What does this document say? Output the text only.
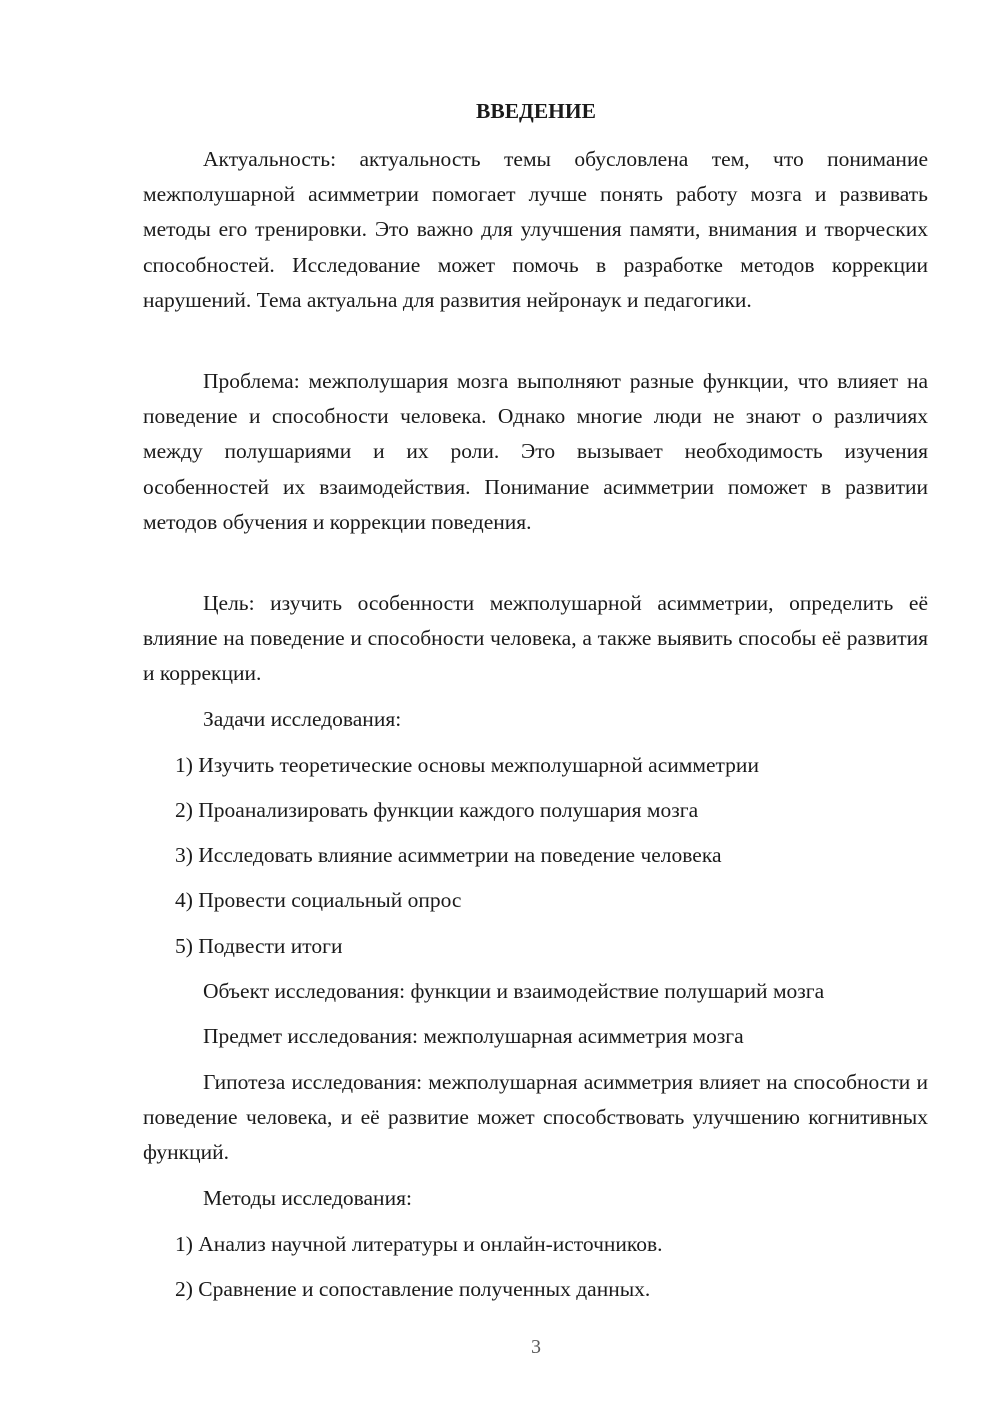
ВВЕДЕНИЕ

Актуальность: актуальность темы обусловлена тем, что понимание межполушарной асимметрии помогает лучше понять работу мозга и развивать методы его тренировки. Это важно для улучшения памяти, внимания и творческих способностей. Исследование может помочь в разработке методов коррекции нарушений. Тема актуальна для развития нейронаук и педагогики.

Проблема: межполушария мозга выполняют разные функции, что влияет на поведение и способности человека. Однако многие люди не знают о различиях между полушариями и их роли. Это вызывает необходимость изучения особенностей их взаимодействия. Понимание асимметрии поможет в развитии методов обучения и коррекции поведения.

Цель: изучить особенности межполушарной асимметрии, определить её влияние на поведение и способности человека, а также выявить способы её развития и коррекции.

Задачи исследования:

1) Изучить теоретические основы межполушарной асимметрии

2) Проанализировать функции каждого полушария мозга

3) Исследовать влияние асимметрии на поведение человека

4) Провести социальный опрос

5) Подвести итоги

Объект исследования: функции и взаимодействие полушарий мозга

Предмет исследования: межполушарная асимметрия мозга

Гипотеза исследования: межполушарная асимметрия влияет на способности и поведение человека, и её развитие может способствовать улучшению когнитивных функций.

Методы исследования:

1) Анализ научной литературы и онлайн-источников.

2) Сравнение и сопоставление полученных данных.

3
